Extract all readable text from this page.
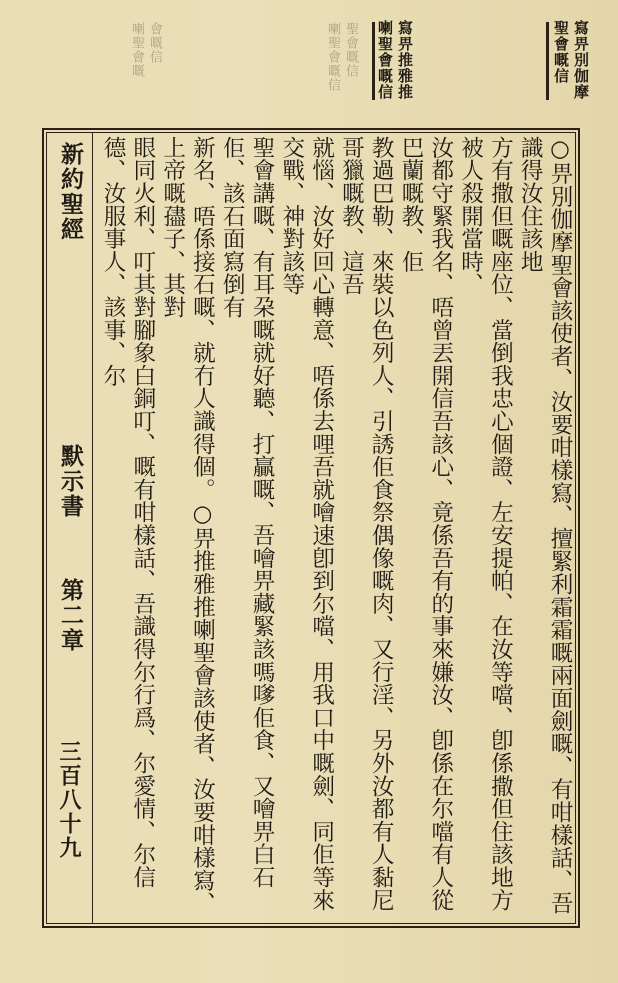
會嘅信
喇聖會嘅	聖會嘅信
喇聖會嘅信	寫畀別伽摩
聖會嘅信
寫畀推雅推
喇聖會嘅信
新約聖經
默示書
第二章
三百八十九	○畀別伽摩聖會該使者、汝要咁樣寫、擅緊利霜霜嘅兩面劍嘅、有咁樣話、吾識得汝住該地
方有撒但嘅座位、當倒我忠心個證、左安提帕、在汝等噹、卽係撒但住該地方被人殺開當時、
汝都守緊我名、唔曾丟開信吾該心、竟係吾有的事來嫌汝、卽係在尔噹有人從巴蘭嘅教、佢
教過巴勒、來裝以色列人、引誘佢食祭偶像嘅肉、又行淫、另外汝都有人黏尼哥獵嘅教、這吾
就惱、汝好回心轉意、唔係去哩吾就噲速卽到尔噹、用我口中嘅劍、同佢等來交戰、神對該等
聖會講嘅、有耳朶嘅就好聽、打贏嘅、吾噲畀藏緊該嗎嗲佢食、又噲畀白石佢、該石面寫倒有
新名、唔係接石嘅、就冇人識得個。○畀推雅推喇聖會該使者、汝要咁樣寫、上帝嘅孻子、其對
眼同火利、叮其對腳象白銅叮、嘅有咁樣話、吾識得尔行爲、尔愛情、尔信德、汝服事人、該事、尔
